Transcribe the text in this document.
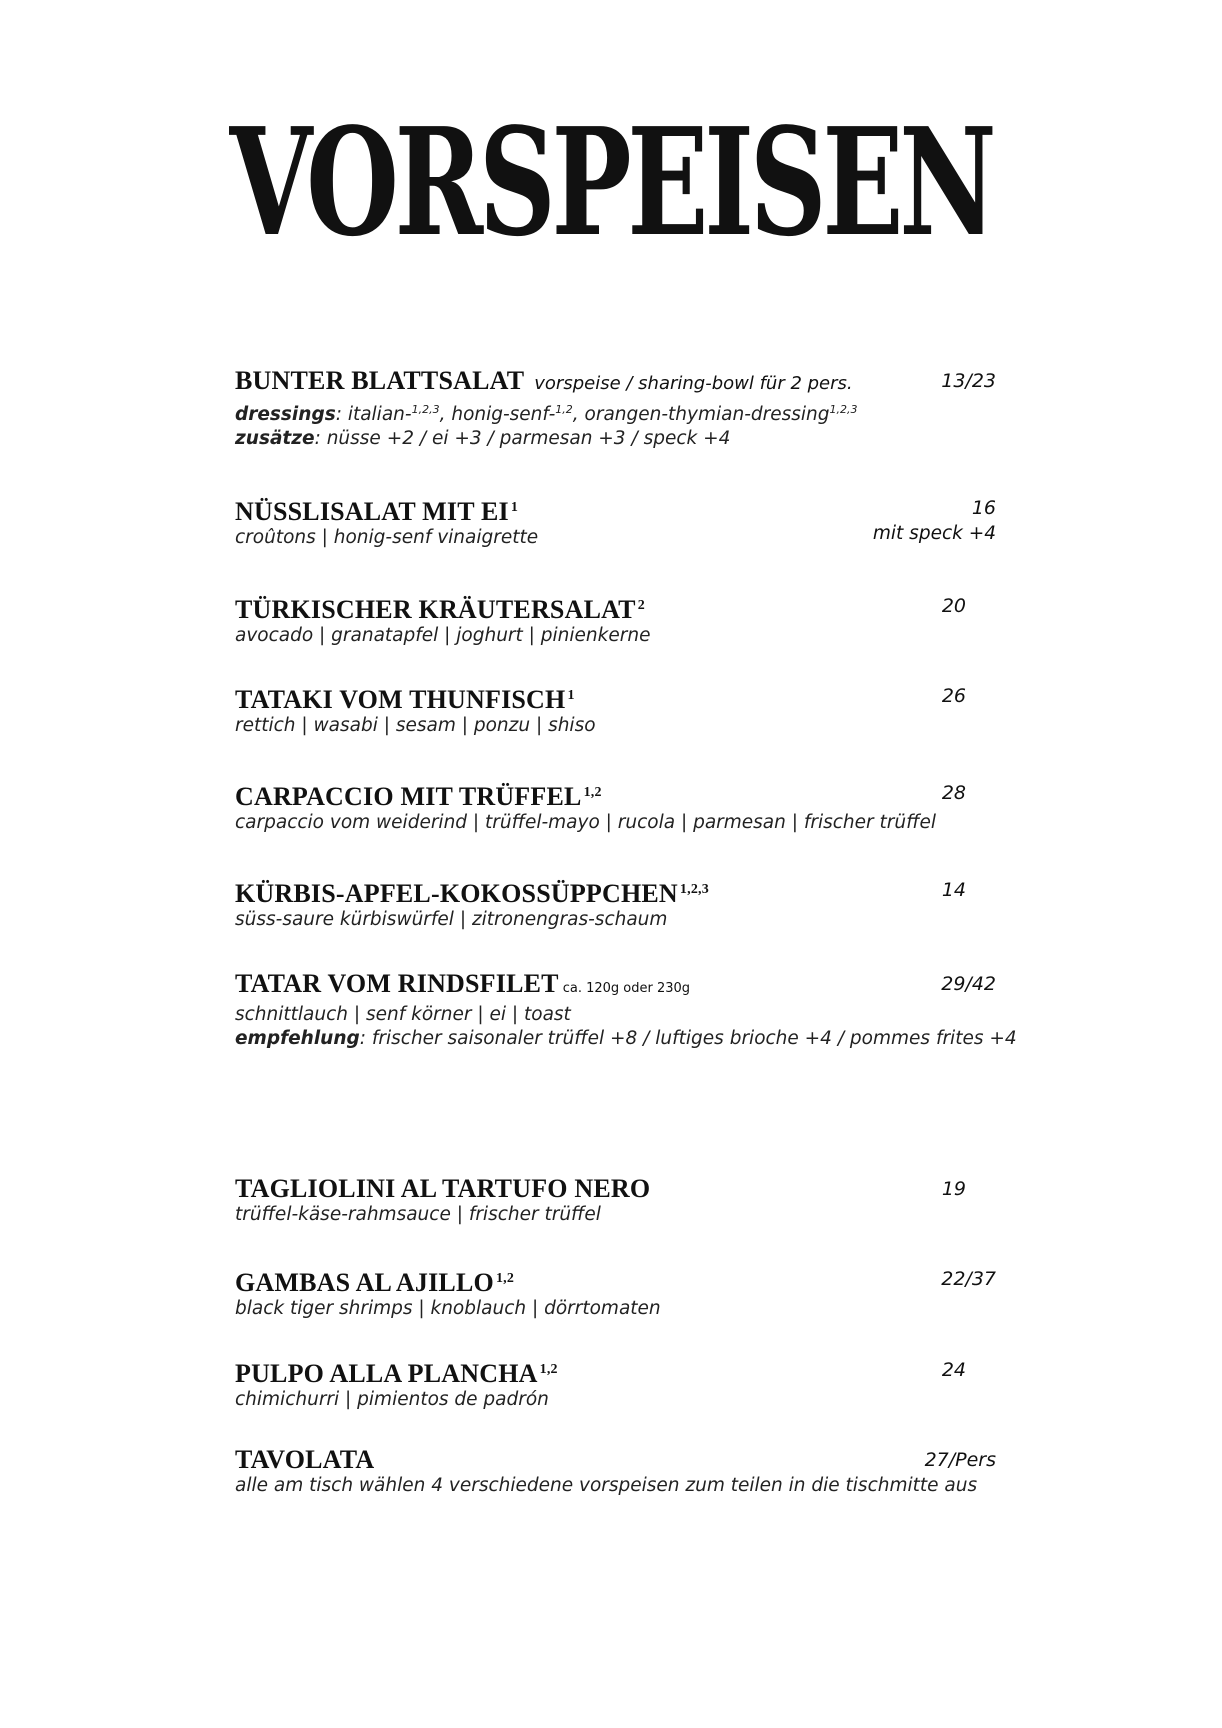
VORSPEISEN
BUNTER BLATTSALAT vorspeise / sharing-bowl für 2 pers.
dressings: italian-$^{1,2,3}$, honig-senf-$^{1,2}$, orangen-thymian-dressing$^{1,2,3}$
zusätze: nüsse +2 / ei +3 / parmesan +3 / speck +4
13/23
NÜSSLISALAT MIT EI $^1$
croûtons | honig-senf vinaigrette
16
mit speck +4
TÜRKISCHER KRÄUTERSALAT $^2$
avocado | granatapfel | joghurt | pinienkerne
20
TATAKI VOM THUNFISCH $^1$
rettich | wasabi | sesam | ponzu | shiso
26
CARPACCIO MIT TRÜFFEL $^{1,2}$
carpaccio vom weiderind | trüffel-mayo | rucola | parmesan | frischer trüffel
28
KÜRBIS-APFEL-KOKOSSÜPPCHEN $^{1,2,3}$
süss-saure kürbiswürfel | zitronengras-schaum
14
TATAR VOM RINDSFILET ca. 120g oder 230g
schnittlauch | senf körner | ei | toast
empfehlung: frischer saisonaler trüffel +8 / luftiges brioche +4 / pommes frites +4
29/42
TAGLIOLINI AL TARTUFO NERO
trüffel-käse-rahmsauce | frischer trüffel
19
GAMBAS AL AJILLO $^{1,2}$
black tiger shrimps | knoblauch | dörrtomaten
22/37
PULPO ALLA PLANCHA $^{1,2}$
chimichurri | pimientos de padrón
24
TAVOLATA
alle am tisch wählen 4 verschiedene vorspeisen zum teilen in die tischmitte aus
27/Pers
